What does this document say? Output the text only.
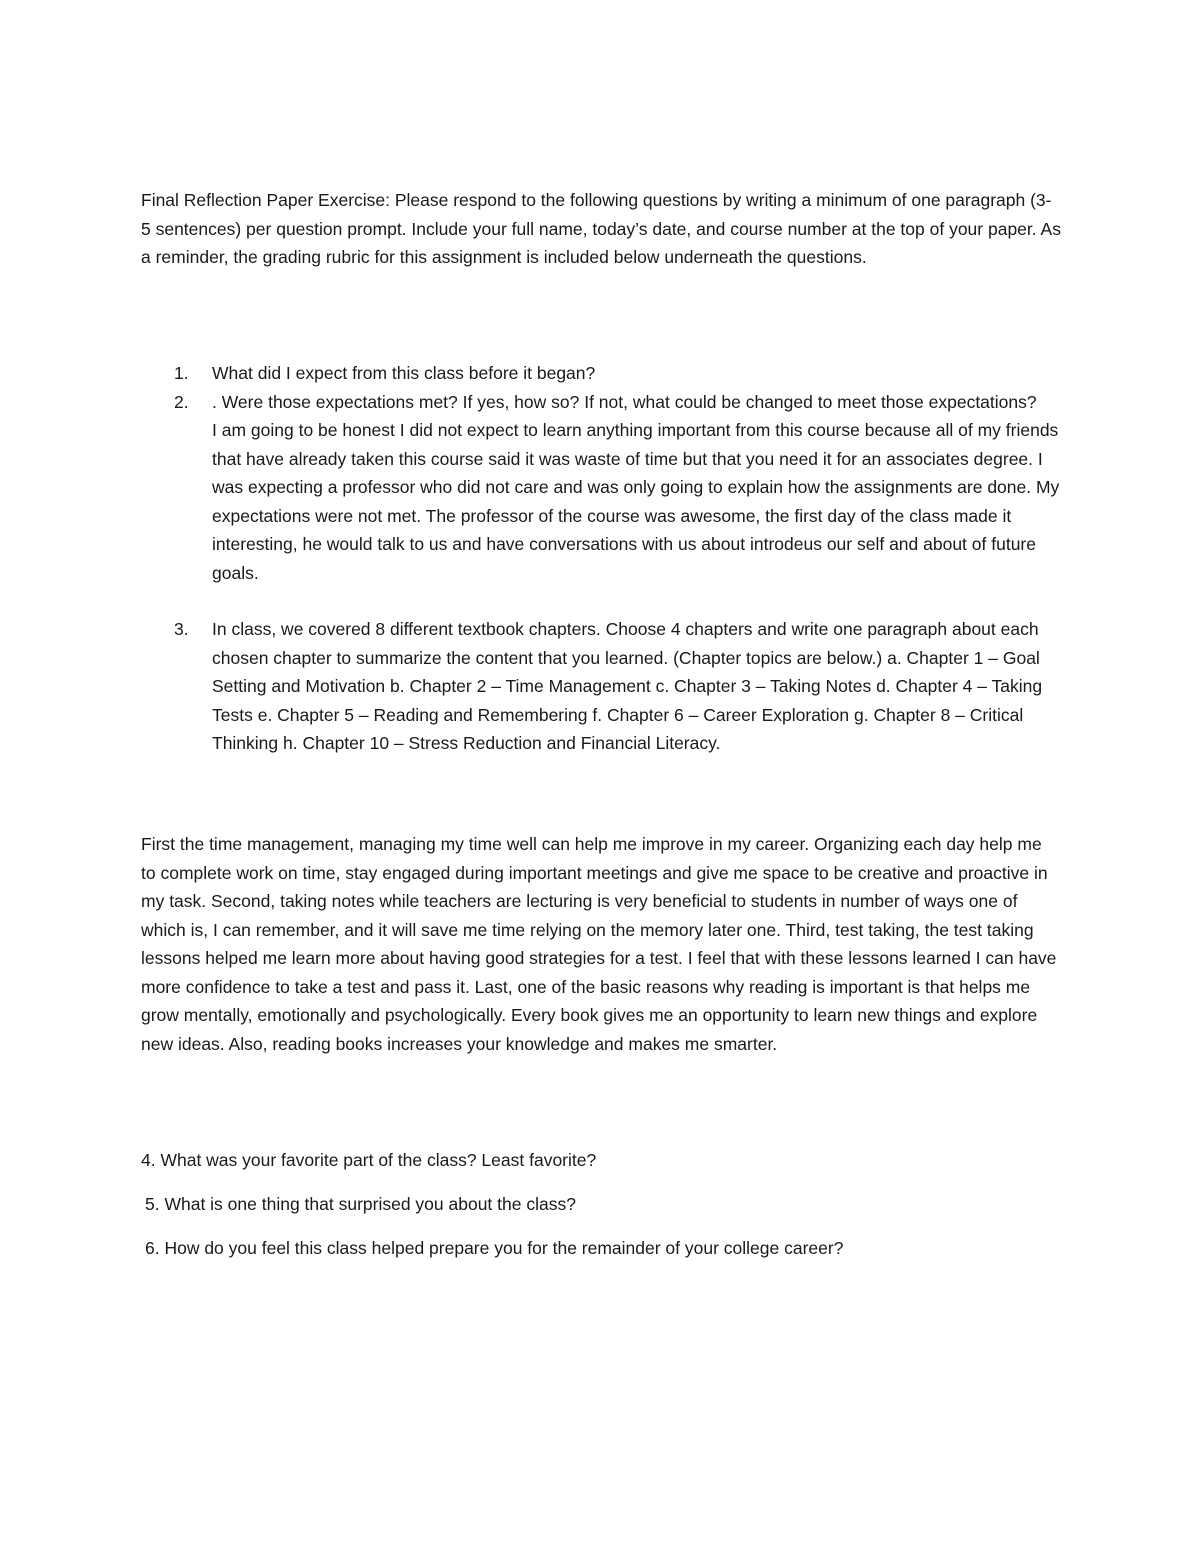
Final Reflection Paper Exercise: Please respond to the following questions by writing a minimum of one paragraph (3-5 sentences) per question prompt. Include your full name, today’s date, and course number at the top of your paper. As a reminder, the grading rubric for this assignment is included below underneath the questions.

1. What did I expect from this class before it began?
2. . Were those expectations met? If yes, how so? If not, what could be changed to meet those expectations?
I am going to be honest I did not expect to learn anything important from this course because all of my friends that have already taken this course said it was waste of time but that you need it for an associates degree. I was expecting a professor who did not care and was only going to explain how the assignments are done. My expectations were not met. The professor of the course was awesome, the first day of the class made it interesting, he would talk to us and have conversations with us about introdeus our self and about of future goals.
3. In class, we covered 8 different textbook chapters. Choose 4 chapters and write one paragraph about each chosen chapter to summarize the content that you learned. (Chapter topics are below.) a. Chapter 1 – Goal Setting and Motivation b. Chapter 2 – Time Management c. Chapter 3 – Taking Notes d. Chapter 4 – Taking Tests e. Chapter 5 – Reading and Remembering f. Chapter 6 – Career Exploration g. Chapter 8 – Critical Thinking h. Chapter 10 – Stress Reduction and Financial Literacy.

First the time management, managing my time well can help me improve in my career. Organizing each day help me to complete work on time, stay engaged during important meetings and give me space to be creative and proactive in my task. Second, taking notes while teachers are lecturing is very beneficial to students in number of ways one of which is, I can remember, and it will save me time relying on the memory later one. Third, test taking, the test taking lessons helped me learn more about having good strategies for a test. I feel that with these lessons learned I can have more confidence to take a test and pass it. Last, one of the basic reasons why reading is important is that helps me grow mentally, emotionally and psychologically. Every book gives me an opportunity to learn new things and explore new ideas. Also, reading books increases your knowledge and makes me smarter.

4. What was your favorite part of the class? Least favorite?

5. What is one thing that surprised you about the class?

6. How do you feel this class helped prepare you for the remainder of your college career?
